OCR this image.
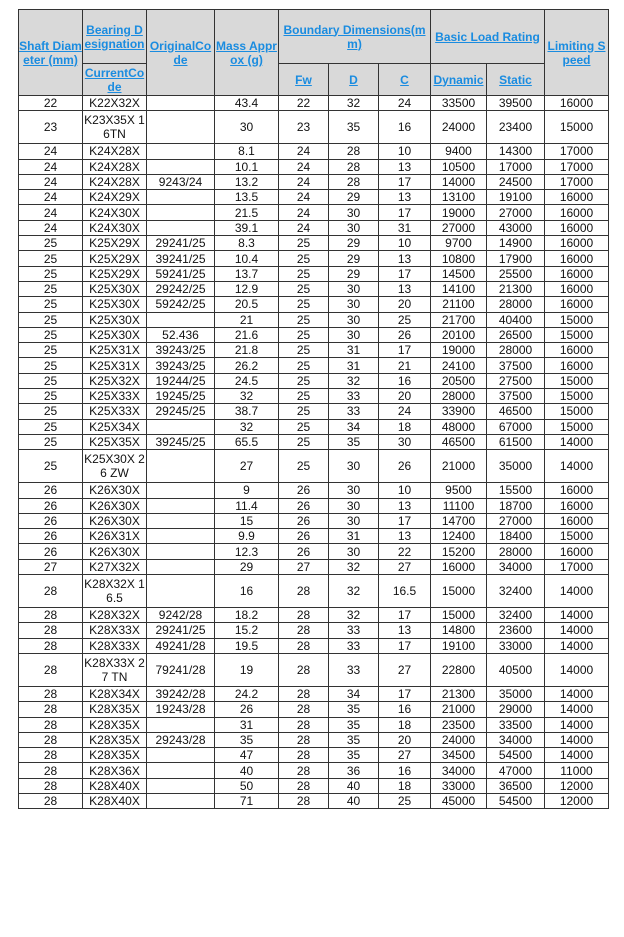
Shaft Diameter (mm)	Bearing Designation	OriginalCode	Mass Approx (g)	Boundary Dimensions(mm)			Basic Load Rating		Limiting Speed
	CurrentCode			Fw	D	C	Dynamic	Static	
22	K22X32X		43.4	22	32	24	33500	39500	16000
23	K23X35X 16TN		30	23	35	16	24000	23400	15000
24	K24X28X		8.1	24	28	10	9400	14300	17000
24	K24X28X		10.1	24	28	13	10500	17000	17000
24	K24X28X	9243/24	13.2	24	28	17	14000	24500	17000
24	K24X29X		13.5	24	29	13	13100	19100	16000
24	K24X30X		21.5	24	30	17	19000	27000	16000
24	K24X30X		39.1	24	30	31	27000	43000	16000
25	K25X29X	29241/25	8.3	25	29	10	9700	14900	16000
25	K25X29X	39241/25	10.4	25	29	13	10800	17900	16000
25	K25X29X	59241/25	13.7	25	29	17	14500	25500	16000
25	K25X30X	29242/25	12.9	25	30	13	14100	21300	16000
25	K25X30X	59242/25	20.5	25	30	20	21100	28000	16000
25	K25X30X		21	25	30	25	21700	40400	15000
25	K25X30X	52.436	21.6	25	30	26	20100	26500	15000
25	K25X31X	39243/25	21.8	25	31	17	19000	28000	16000
25	K25X31X	39243/25	26.2	25	31	21	24100	37500	16000
25	K25X32X	19244/25	24.5	25	32	16	20500	27500	15000
25	K25X33X	19245/25	32	25	33	20	28000	37500	15000
25	K25X33X	29245/25	38.7	25	33	24	33900	46500	15000
25	K25X34X		32	25	34	18	48000	67000	15000
25	K25X35X	39245/25	65.5	25	35	30	46500	61500	14000
25	K25X30X 26 ZW		27	25	30	26	21000	35000	14000
26	K26X30X		9	26	30	10	9500	15500	16000
26	K26X30X		11.4	26	30	13	11100	18700	16000
26	K26X30X		15	26	30	17	14700	27000	16000
26	K26X31X		9.9	26	31	13	12400	18400	15000
26	K26X30X		12.3	26	30	22	15200	28000	16000
27	K27X32X		29	27	32	27	16000	34000	17000
28	K28X32X 16.5		16	28	32	16.5	15000	32400	14000
28	K28X32X	9242/28	18.2	28	32	17	15000	32400	14000
28	K28X33X	29241/25	15.2	28	33	13	14800	23600	14000
28	K28X33X	49241/28	19.5	28	33	17	19100	33000	14000
28	K28X33X 27 TN	79241/28	19	28	33	27	22800	40500	14000
28	K28X34X	39242/28	24.2	28	34	17	21300	35000	14000
28	K28X35X	19243/28	26	28	35	16	21000	29000	14000
28	K28X35X		31	28	35	18	23500	33500	14000
28	K28X35X	29243/28	35	28	35	20	24000	34000	14000
28	K28X35X		47	28	35	27	34500	54500	14000
28	K28X36X		40	28	36	16	34000	47000	11000
28	K28X40X		50	28	40	18	33000	36500	12000
28	K28X40X		71	28	40	25	45000	54500	12000
